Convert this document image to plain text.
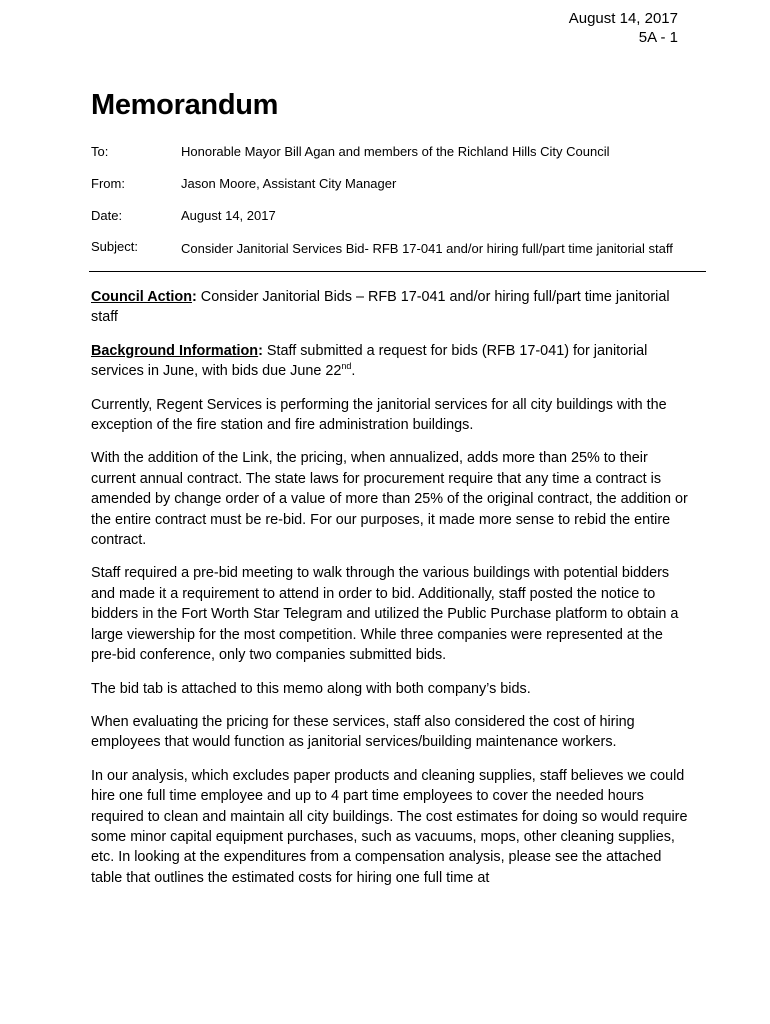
August 14, 2017
5A - 1
Memorandum
To:	Honorable Mayor Bill Agan and members of the Richland Hills City Council
From:	Jason Moore, Assistant City Manager
Date:	August 14, 2017
Subject:	Consider Janitorial Services Bid- RFB 17-041 and/or hiring full/part time janitorial staff

Council Action: Consider Janitorial Bids – RFB 17-041 and/or hiring full/part time janitorial staff

Background Information: Staff submitted a request for bids (RFB 17-041) for janitorial services in June, with bids due June 22nd.

Currently, Regent Services is performing the janitorial services for all city buildings with the exception of the fire station and fire administration buildings.

With the addition of the Link, the pricing, when annualized, adds more than 25% to their current annual contract. The state laws for procurement require that any time a contract is amended by change order of a value of more than 25% of the original contract, the addition or the entire contract must be re-bid. For our purposes, it made more sense to rebid the entire contract.

Staff required a pre-bid meeting to walk through the various buildings with potential bidders and made it a requirement to attend in order to bid. Additionally, staff posted the notice to bidders in the Fort Worth Star Telegram and utilized the Public Purchase platform to obtain a large viewership for the most competition. While three companies were represented at the pre-bid conference, only two companies submitted bids.

The bid tab is attached to this memo along with both company’s bids.

When evaluating the pricing for these services, staff also considered the cost of hiring employees that would function as janitorial services/building maintenance workers.

In our analysis, which excludes paper products and cleaning supplies, staff believes we could hire one full time employee and up to 4 part time employees to cover the needed hours required to clean and maintain all city buildings. The cost estimates for doing so would require some minor capital equipment purchases, such as vacuums, mops, other cleaning supplies, etc. In looking at the expenditures from a compensation analysis, please see the attached table that outlines the estimated costs for hiring one full time at
